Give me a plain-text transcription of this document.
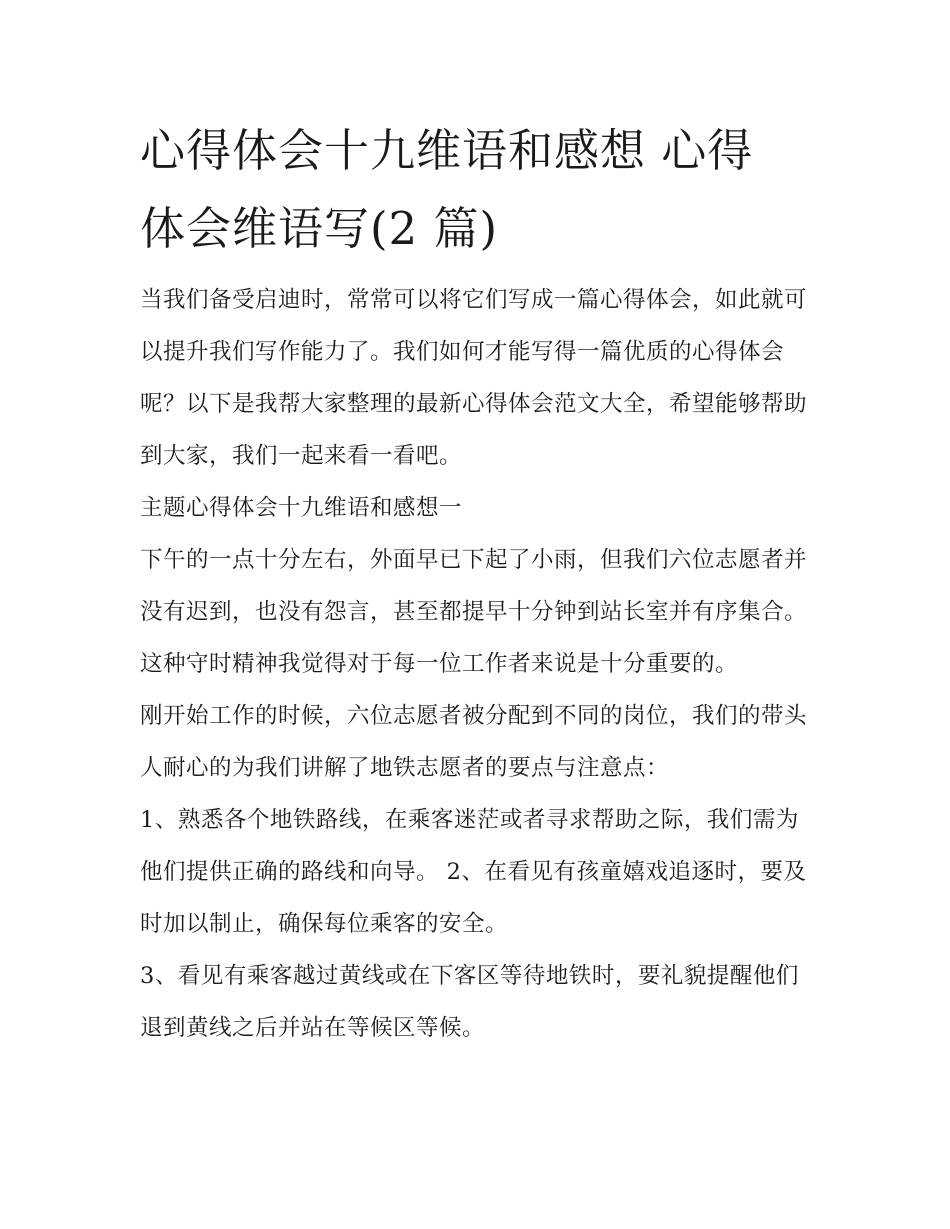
心得体会十九维语和感想 心得
体会维语写(2 篇)

当我们备受启迪时，常常可以将它们写成一篇心得体会，如此就可以提升我们写作能力了。我们如何才能写得一篇优质的心得体会呢？以下是我帮大家整理的最新心得体会范文大全，希望能够帮助到大家，我们一起来看一看吧。

主题心得体会十九维语和感想一

下午的一点十分左右，外面早已下起了小雨，但我们六位志愿者并没有迟到，也没有怨言，甚至都提早十分钟到站长室并有序集合。这种守时精神我觉得对于每一位工作者来说是十分重要的。

刚开始工作的时候，六位志愿者被分配到不同的岗位，我们的带头人耐心的为我们讲解了地铁志愿者的要点与注意点：

1、熟悉各个地铁路线，在乘客迷茫或者寻求帮助之际，我们需为他们提供正确的路线和向导。 2、在看见有孩童嬉戏追逐时，要及时加以制止，确保每位乘客的安全。

3、看见有乘客越过黄线或在下客区等待地铁时，要礼貌提醒他们退到黄线之后并站在等候区等候。
